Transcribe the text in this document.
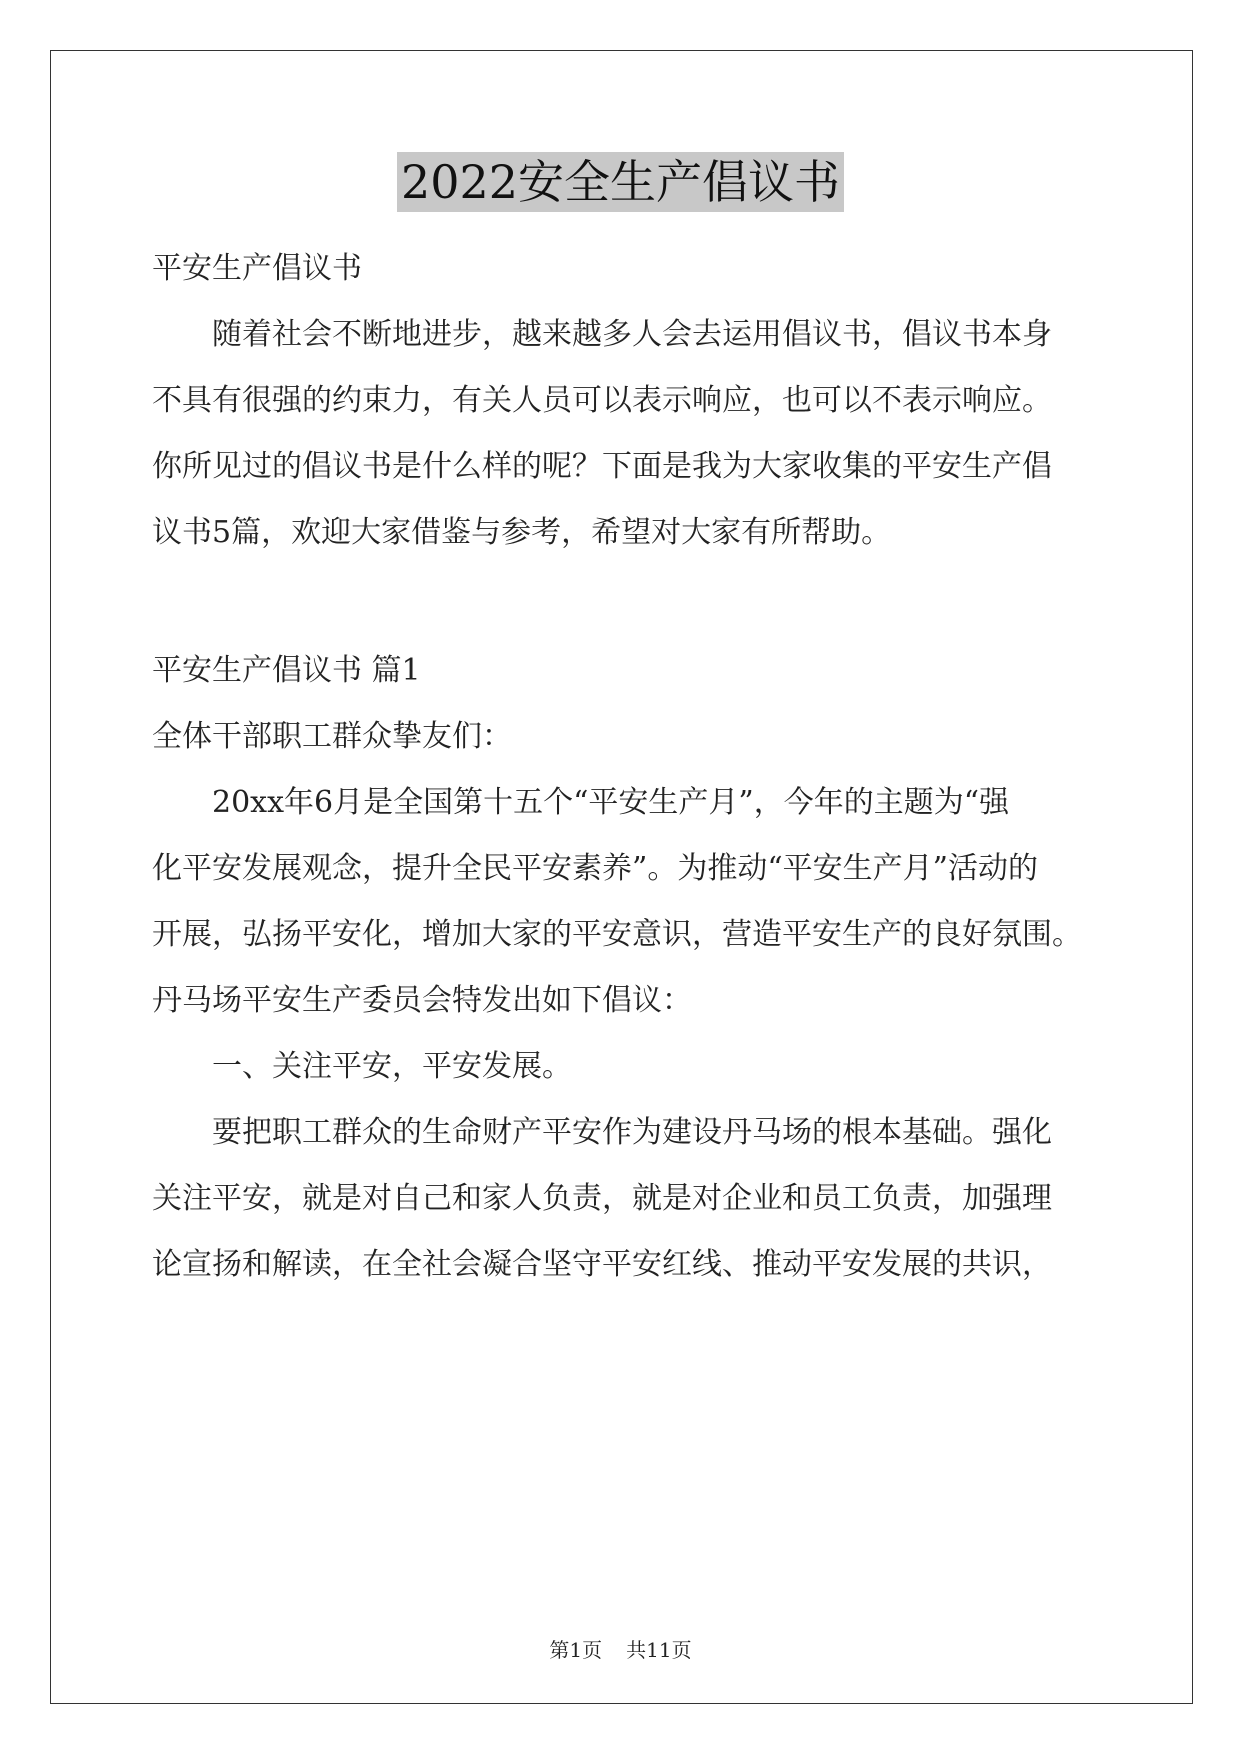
2022安全生产倡议书
平安生产倡议书
随着社会不断地进步，越来越多人会去运用倡议书，倡议书本身
不具有很强的约束力，有关人员可以表示响应，也可以不表示响应。
你所见过的倡议书是什么样的呢？下面是我为大家收集的平安生产倡
议书5篇，欢迎大家借鉴与参考，希望对大家有所帮助。
平安生产倡议书 篇1
全体干部职工群众挚友们：
20xx年6月是全国第十五个“平安生产月”，今年的主题为“强
化平安发展观念，提升全民平安素养”。为推动“平安生产月”活动的
开展，弘扬平安化，增加大家的平安意识，营造平安生产的良好氛围。
丹马场平安生产委员会特发出如下倡议：
一、关注平安，平安发展。
要把职工群众的生命财产平安作为建设丹马场的根本基础。强化
关注平安，就是对自己和家人负责，就是对企业和员工负责，加强理
论宣扬和解读，在全社会凝合坚守平安红线、推动平安发展的共识，
第1页 共11页
